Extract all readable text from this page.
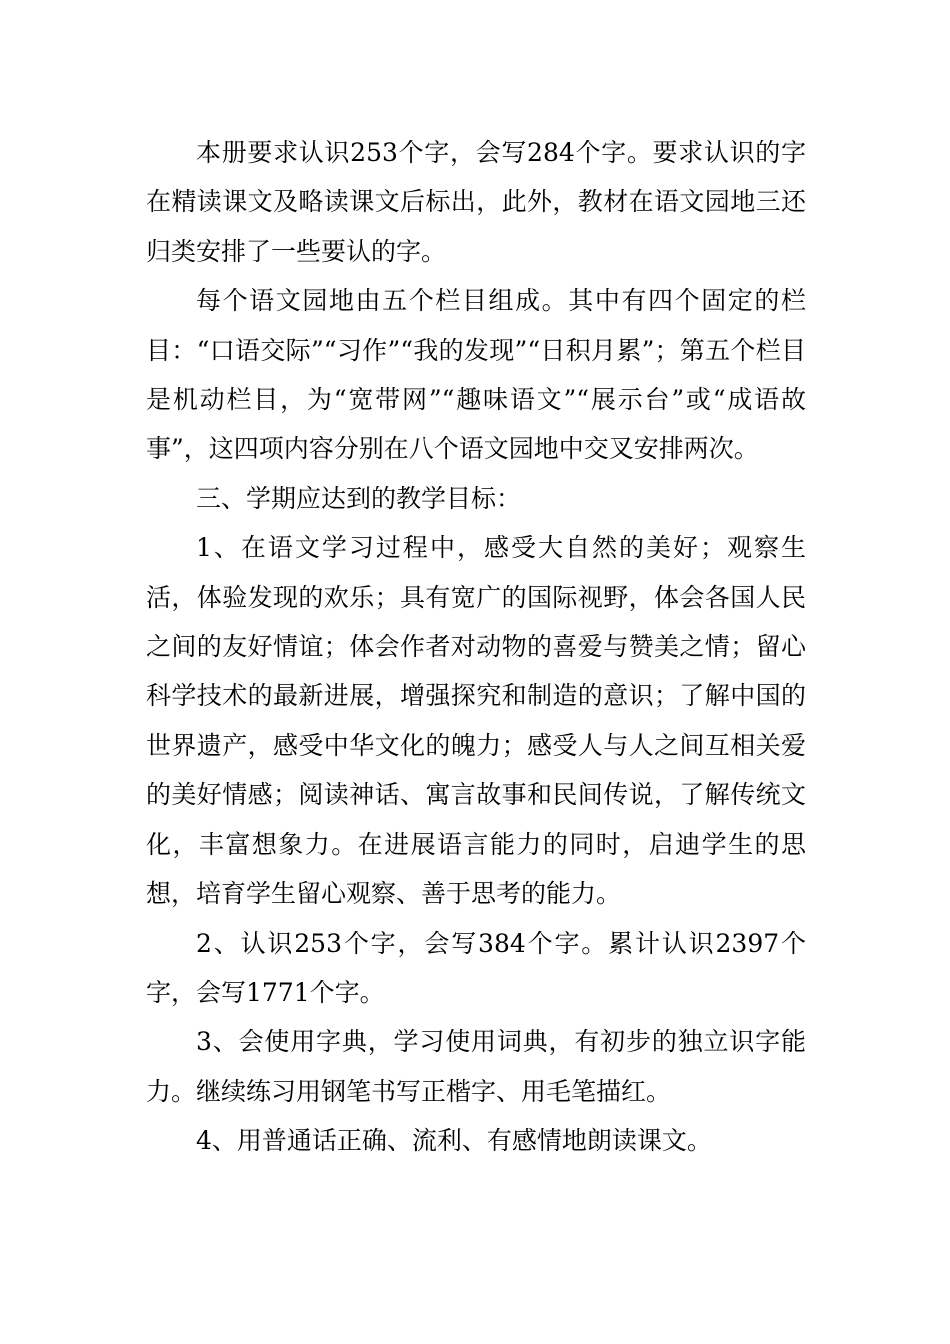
本册要求认识253个字，会写284个字。要求认识的字在精读课文及略读课文后标出，此外，教材在语文园地三还归类安排了一些要认的字。

每个语文园地由五个栏目组成。其中有四个固定的栏目：“口语交际”“习作”“我的发现”“日积月累”；第五个栏目是机动栏目，为“宽带网”“趣味语文”“展示台”或“成语故事”，这四项内容分别在八个语文园地中交叉安排两次。

三、学期应达到的教学目标：

1、在语文学习过程中，感受大自然的美好；观察生活，体验发现的欢乐；具有宽广的国际视野，体会各国人民之间的友好情谊；体会作者对动物的喜爱与赞美之情；留心科学技术的最新进展，增强探究和制造的意识；了解中国的世界遗产，感受中华文化的魄力；感受人与人之间互相关爱的美好情感；阅读神话、寓言故事和民间传说，了解传统文化，丰富想象力。在进展语言能力的同时，启迪学生的思想，培育学生留心观察、善于思考的能力。

2、认识253个字，会写384个字。累计认识2397个字，会写1771个字。

3、会使用字典，学习使用词典，有初步的独立识字能力。继续练习用钢笔书写正楷字、用毛笔描红。

4、用普通话正确、流利、有感情地朗读课文。
